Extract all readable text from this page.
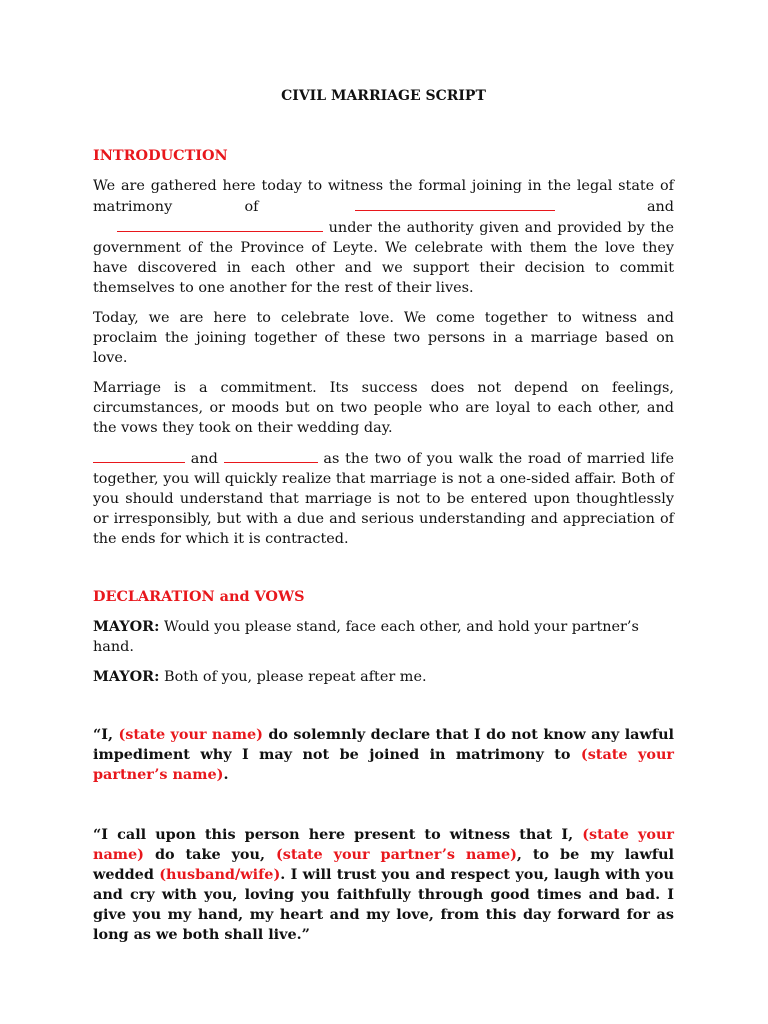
CIVIL MARRIAGE SCRIPT
INTRODUCTION

We are gathered here today to witness the formal joining in the legal state of matrimony of	and  under the authority given and provided by the government of the Province of Leyte. We celebrate with them the love they have discovered in each other and we support their decision to commit themselves to one another for the rest of their lives.

Today, we are here to celebrate love. We come together to witness and proclaim the joining together of these two persons in a marriage based on love.

Marriage is a commitment. Its success does not depend on feelings, circumstances, or moods but on two people who are loyal to each other, and the vows they took on their wedding day.

and	as the two of you walk the road of married life together, you will quickly realize that marriage is not a one-sided affair. Both of you should understand that marriage is not to be entered upon thoughtlessly or irresponsibly, but with a due and serious understanding and appreciation of the ends for which it is contracted.

DECLARATION and VOWS

MAYOR: Would you please stand, face each other, and hold your partner’s hand.

MAYOR: Both of you, please repeat after me.

“I, (state your name) do solemnly declare that I do not know any lawful impediment why I may not be joined in matrimony to (state your partner’s name).

“I call upon this person here present to witness that I, (state your name) do take you, (state your partner’s name), to be my lawful wedded (husband/wife). I will trust you and respect you, laugh with you and cry with you, loving you faithfully through good times and bad. I give you my hand, my heart and my love, from this day forward for as long as we both shall live.”
